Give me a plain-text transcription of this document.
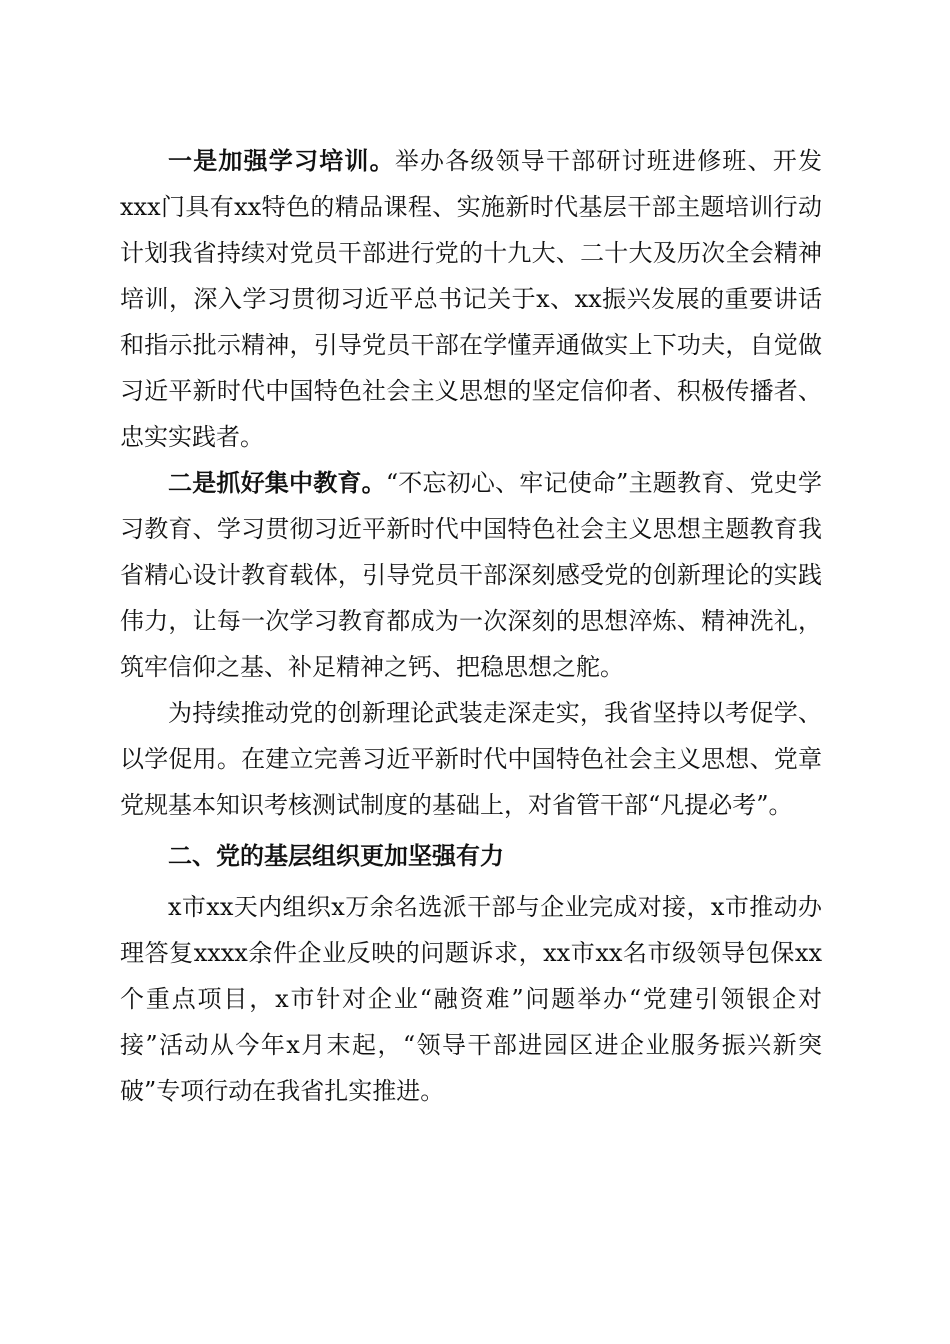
一是加强学习培训。举办各级领导干部研讨班进修班、开发xxx门具有xx特色的精品课程、实施新时代基层干部主题培训行动计划我省持续对党员干部进行党的十九大、二十大及历次全会精神培训，深入学习贯彻习近平总书记关于x、xx振兴发展的重要讲话和指示批示精神，引导党员干部在学懂弄通做实上下功夫，自觉做习近平新时代中国特色社会主义思想的坚定信仰者、积极传播者、忠实实践者。

二是抓好集中教育。“不忘初心、牢记使命”主题教育、党史学习教育、学习贯彻习近平新时代中国特色社会主义思想主题教育我省精心设计教育载体，引导党员干部深刻感受党的创新理论的实践伟力，让每一次学习教育都成为一次深刻的思想淬炼、精神洗礼，筑牢信仰之基、补足精神之钙、把稳思想之舵。

为持续推动党的创新理论武装走深走实，我省坚持以考促学、以学促用。在建立完善习近平新时代中国特色社会主义思想、党章党规基本知识考核测试制度的基础上，对省管干部“凡提必考”。

二、党的基层组织更加坚强有力

x市xx天内组织x万余名选派干部与企业完成对接，x市推动办理答复xxxx余件企业反映的问题诉求，xx市xx名市级领导包保xx个重点项目，x市针对企业“融资难”问题举办“党建引领银企对接”活动从今年x月末起，“领导干部进园区进企业服务振兴新突破”专项行动在我省扎实推进。
